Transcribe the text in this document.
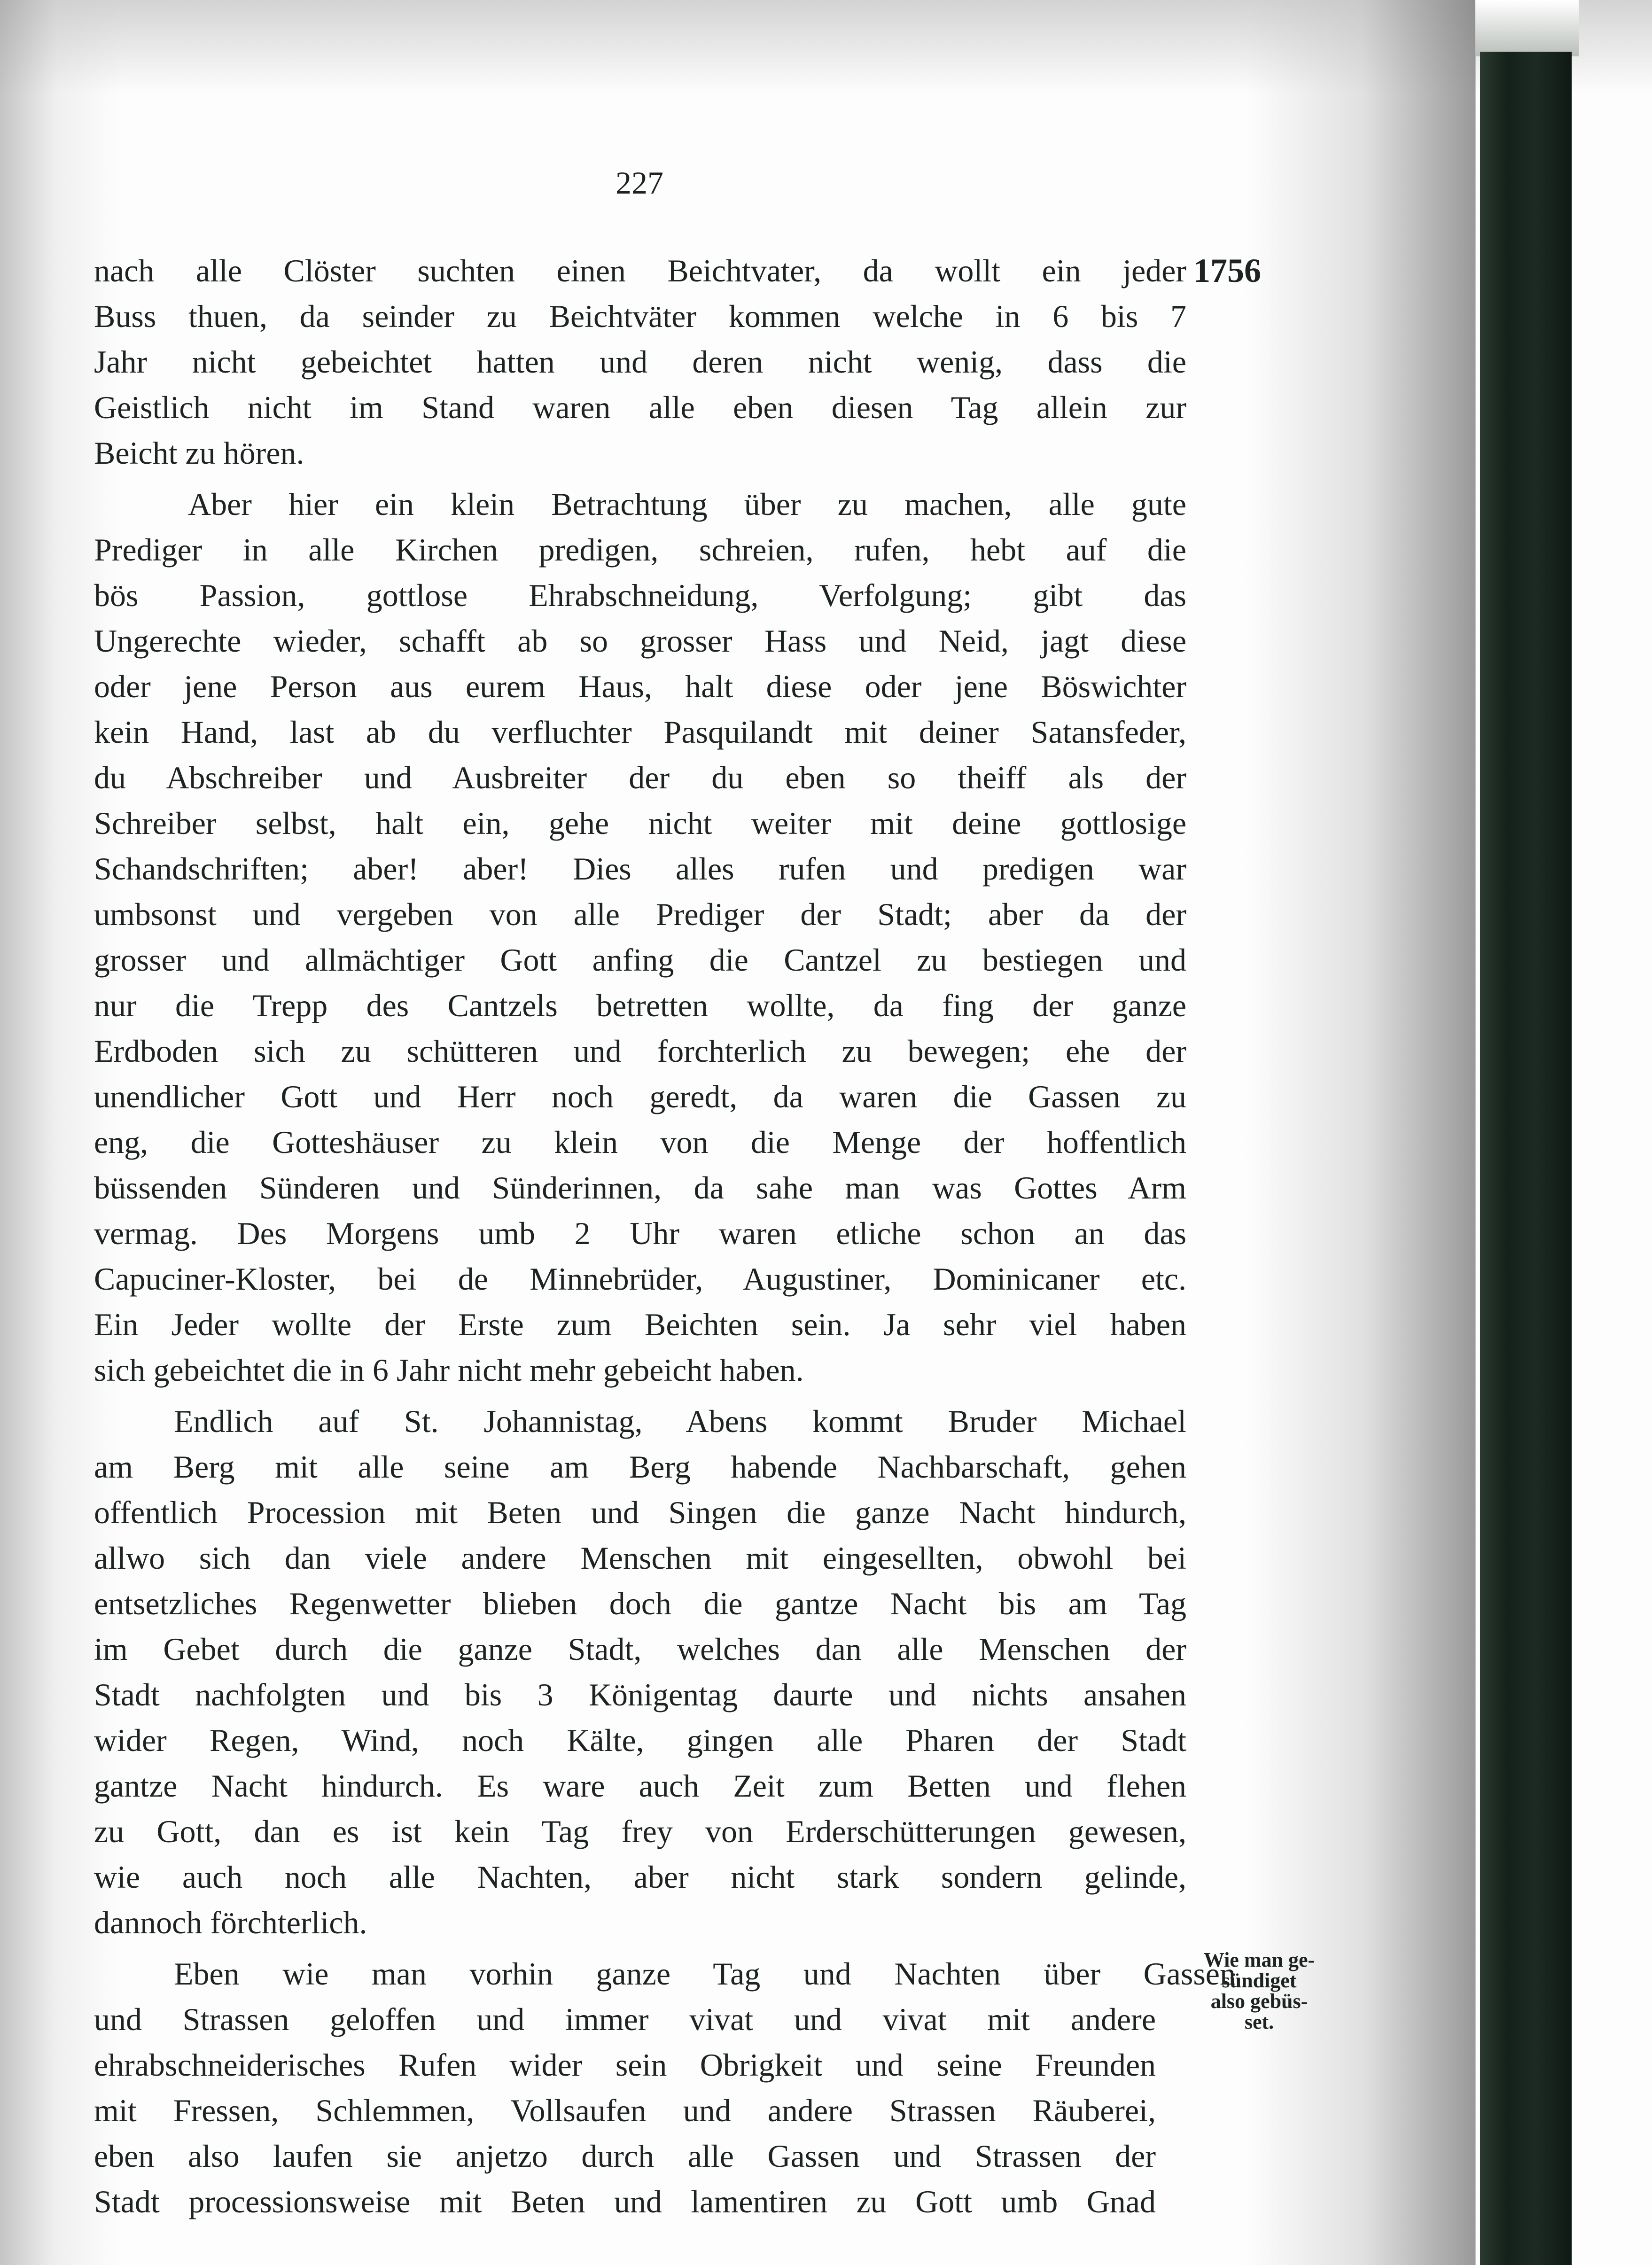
227
1756
Wie man ge-
sündiget
also gebüs-
set.
nach alle Clöster suchten einen Beichtvater, da wollt ein jeder
Buss thuen, da seinder zu Beichtväter kommen welche in 6 bis 7
Jahr nicht gebeichtet hatten und deren nicht wenig, dass die
Geistlich nicht im Stand waren alle eben diesen Tag allein zur
Beicht zu hören.
Aber hier ein klein Betrachtung über zu machen, alle gute
Prediger in alle Kirchen predigen, schreien, rufen, hebt auf die
bös Passion, gottlose Ehrabschneidung, Verfolgung; gibt das
Ungerechte wieder, schafft ab so grosser Hass und Neid, jagt diese
oder jene Person aus eurem Haus, halt diese oder jene Böswichter
kein Hand, last ab du verfluchter Pasquilandt mit deiner Satansfeder,
du Abschreiber und Ausbreiter der du eben so theiff als der
Schreiber selbst, halt ein, gehe nicht weiter mit deine gottlosige
Schandschriften; aber! aber! Dies alles rufen und predigen war
umbsonst und vergeben von alle Prediger der Stadt; aber da der
grosser und allmächtiger Gott anfing die Cantzel zu bestiegen und
nur die Trepp des Cantzels betretten wollte, da fing der ganze
Erdboden sich zu schütteren und forchterlich zu bewegen; ehe der
unendlicher Gott und Herr noch geredt, da waren die Gassen zu
eng, die Gotteshäuser zu klein von die Menge der hoffentlich
büssenden Sünderen und Sünderinnen, da sahe man was Gottes Arm
vermag. Des Morgens umb 2 Uhr waren etliche schon an das
Capuciner-Kloster, bei de Minnebrüder, Augustiner, Dominicaner etc.
Ein Jeder wollte der Erste zum Beichten sein. Ja sehr viel haben
sich gebeichtet die in 6 Jahr nicht mehr gebeicht haben.
Endlich auf St. Johannistag, Abens kommt Bruder Michael
am Berg mit alle seine am Berg habende Nachbarschaft, gehen
offentlich Procession mit Beten und Singen die ganze Nacht hindurch,
allwo sich dan viele andere Menschen mit eingesellten, obwohl bei
entsetzliches Regenwetter blieben doch die gantze Nacht bis am Tag
im Gebet durch die ganze Stadt, welches dan alle Menschen der
Stadt nachfolgten und bis 3 Königentag daurte und nichts ansahen
wider Regen, Wind, noch Kälte, gingen alle Pharen der Stadt
gantze Nacht hindurch. Es ware auch Zeit zum Betten und flehen
zu Gott, dan es ist kein Tag frey von Erderschütterungen gewesen,
wie auch noch alle Nachten, aber nicht stark sondern gelinde,
dannoch förchterlich.
Eben wie man vorhin ganze Tag und Nachten über Gassen
und Strassen geloffen und immer vivat und vivat mit andere
ehrabschneiderisches Rufen wider sein Obrigkeit und seine Freunden
mit Fressen, Schlemmen, Vollsaufen und andere Strassen Räuberei,
eben also laufen sie anjetzo durch alle Gassen und Strassen der
Stadt processionsweise mit Beten und lamentiren zu Gott umb Gnad
